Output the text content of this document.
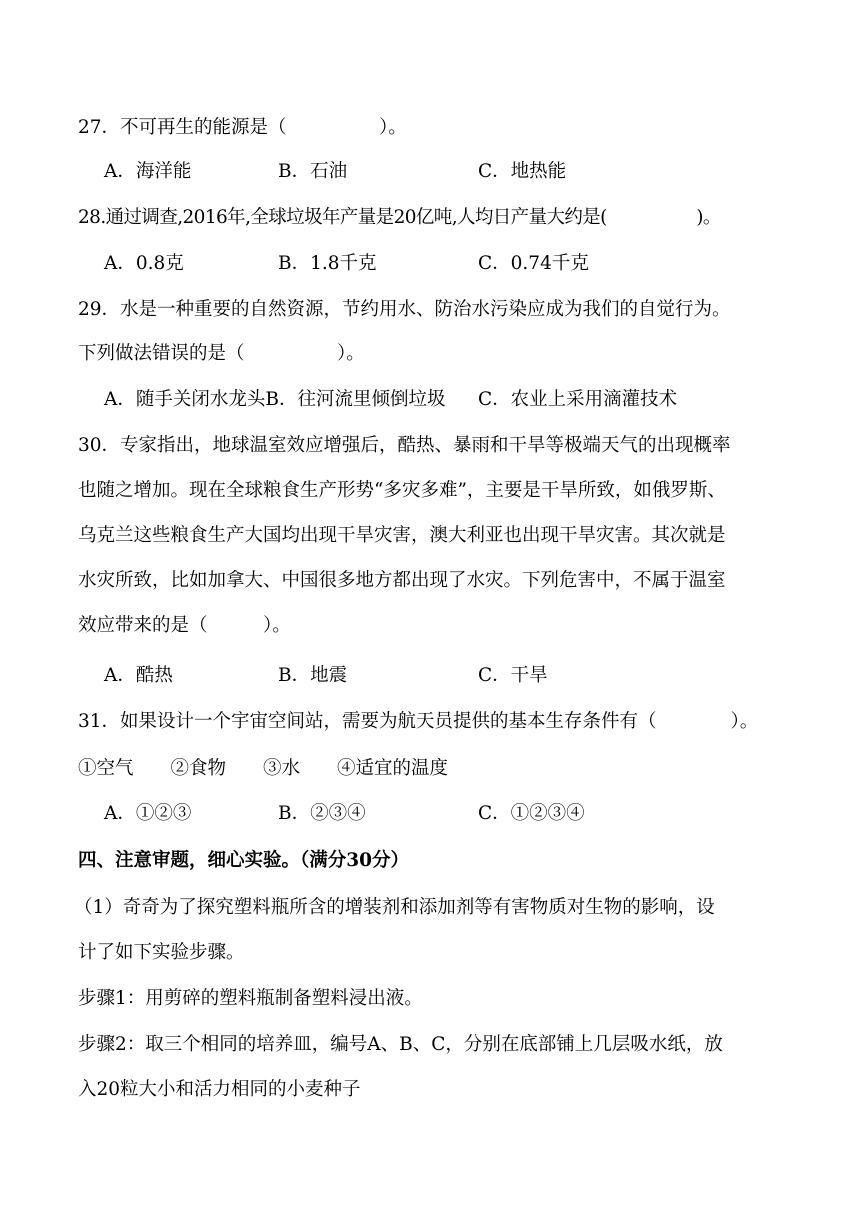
27．不可再生的能源是（　　　　　）。
A．海洋能	B．石油	C．地热能
28.通过调查,2016年,全球垃圾年产量是20亿吨,人均日产量大约是(　　　　　)。
A．0.8克	B．1.8千克	C．0.74千克
29．水是一种重要的自然资源，节约用水、防治水污染应成为我们的自觉行为。
下列做法错误的是（　　　　　）。
A．随手关闭水龙头B．往河流里倾倒垃圾 C．农业上采用滴灌技术
30．专家指出，地球温室效应增强后，酷热、暴雨和干旱等极端天气的出现概率
也随之增加。现在全球粮食生产形势“多灾多难”，主要是干旱所致，如俄罗斯、
乌克兰这些粮食生产大国均出现干旱灾害，澳大利亚也出现干旱灾害。其次就是
水灾所致，比如加拿大、中国很多地方都出现了水灾。下列危害中，不属于温室
效应带来的是（　　　）。
A．酷热	B．地震	C．干旱
31．如果设计一个宇宙空间站，需要为航天员提供的基本生存条件有（　　　　）。
①空气　　②食物　　③水　　④适宜的温度
A．①②③	B．②③④	C．①②③④
四、注意审题，细心实验。（满分30分）
（1）奇奇为了探究塑料瓶所含的增装剂和添加剂等有害物质对生物的影响，设
计了如下实验步骤。
步骤1：用剪碎的塑料瓶制备塑料浸出液。
步骤2：取三个相同的培养皿，编号A、B、C，分别在底部铺上几层吸水纸，放
入20粒大小和活力相同的小麦种子
